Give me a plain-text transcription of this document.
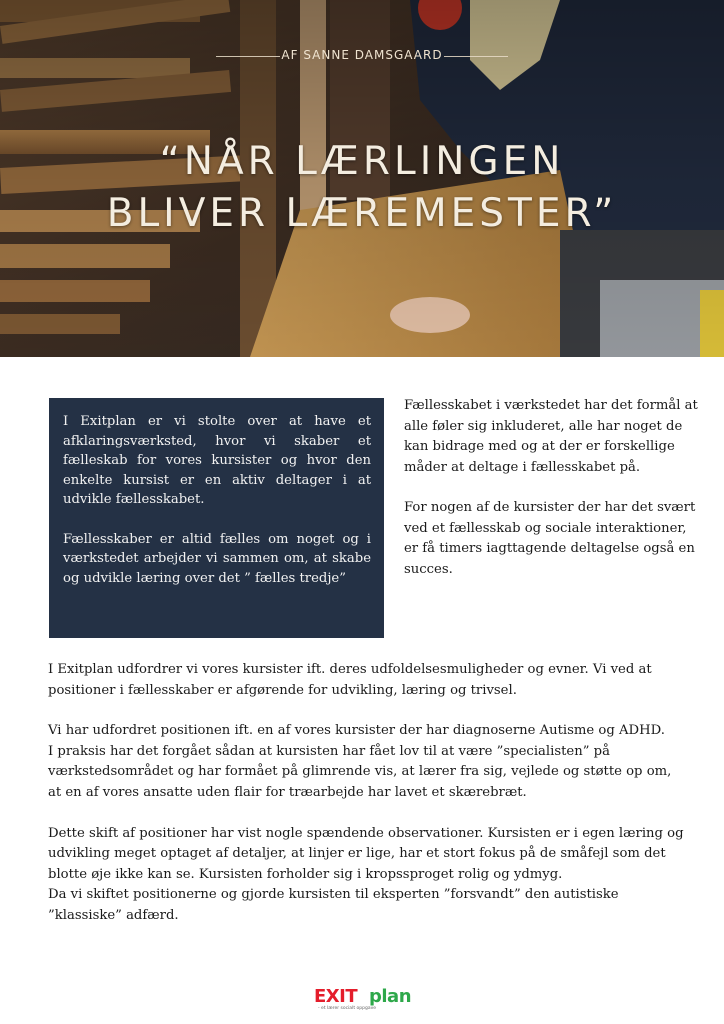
AF SANNE DAMSGAARD
“NÅR LÆRLINGEN
BLIVER LÆREMESTER”

I Exitplan er vi stolte over at have et afklaringsværksted, hvor vi skaber et fælleskab for vores kursister og hvor den enkelte kursist er en aktiv deltager i at udvikle fællesskabet.

Fællesskaber er altid fælles om noget og i værkstedet arbejder vi sammen om, at skabe og udvikle læring over det ” fælles tredje”

Fællesskabet i værkstedet har det formål at alle føler sig inkluderet, alle har noget de kan bidrage med og at der er forskellige måder at deltage i fællesskabet på.

For nogen af de kursister der har det svært ved et fællesskab og sociale interaktioner, er få timers iagttagende deltagelse også en succes.

I Exitplan udfordrer vi vores kursister ift. deres udfoldelsesmuligheder og evner. Vi ved at positioner i fællesskaber er afgørende for udvikling, læring og trivsel.

Vi har udfordret positionen ift. en af vores kursister der har diagnoserne Autisme og ADHD.

I praksis har det forgået sådan at kursisten har fået lov til at være ”specialisten” på værkstedsområdet og har formået på glimrende vis, at lærer fra sig, vejlede og støtte op om, at en af vores ansatte uden flair for træarbejde har lavet et skærebræt.

Dette skift af positioner har vist nogle spændende observationer. Kursisten er i egen læring og udvikling meget optaget af detaljer, at linjer er lige, har et stort fokus på de småfejl som det blotte øje ikke kan se. Kursisten forholder sig i kropssproget rolig og ydmyg.

Da vi skiftet positionerne og gjorde kursisten til eksperten ”forsvandt” den autistiske ”klassiske” adfærd.

EXIT plan
- et lærer socialt oppgave
